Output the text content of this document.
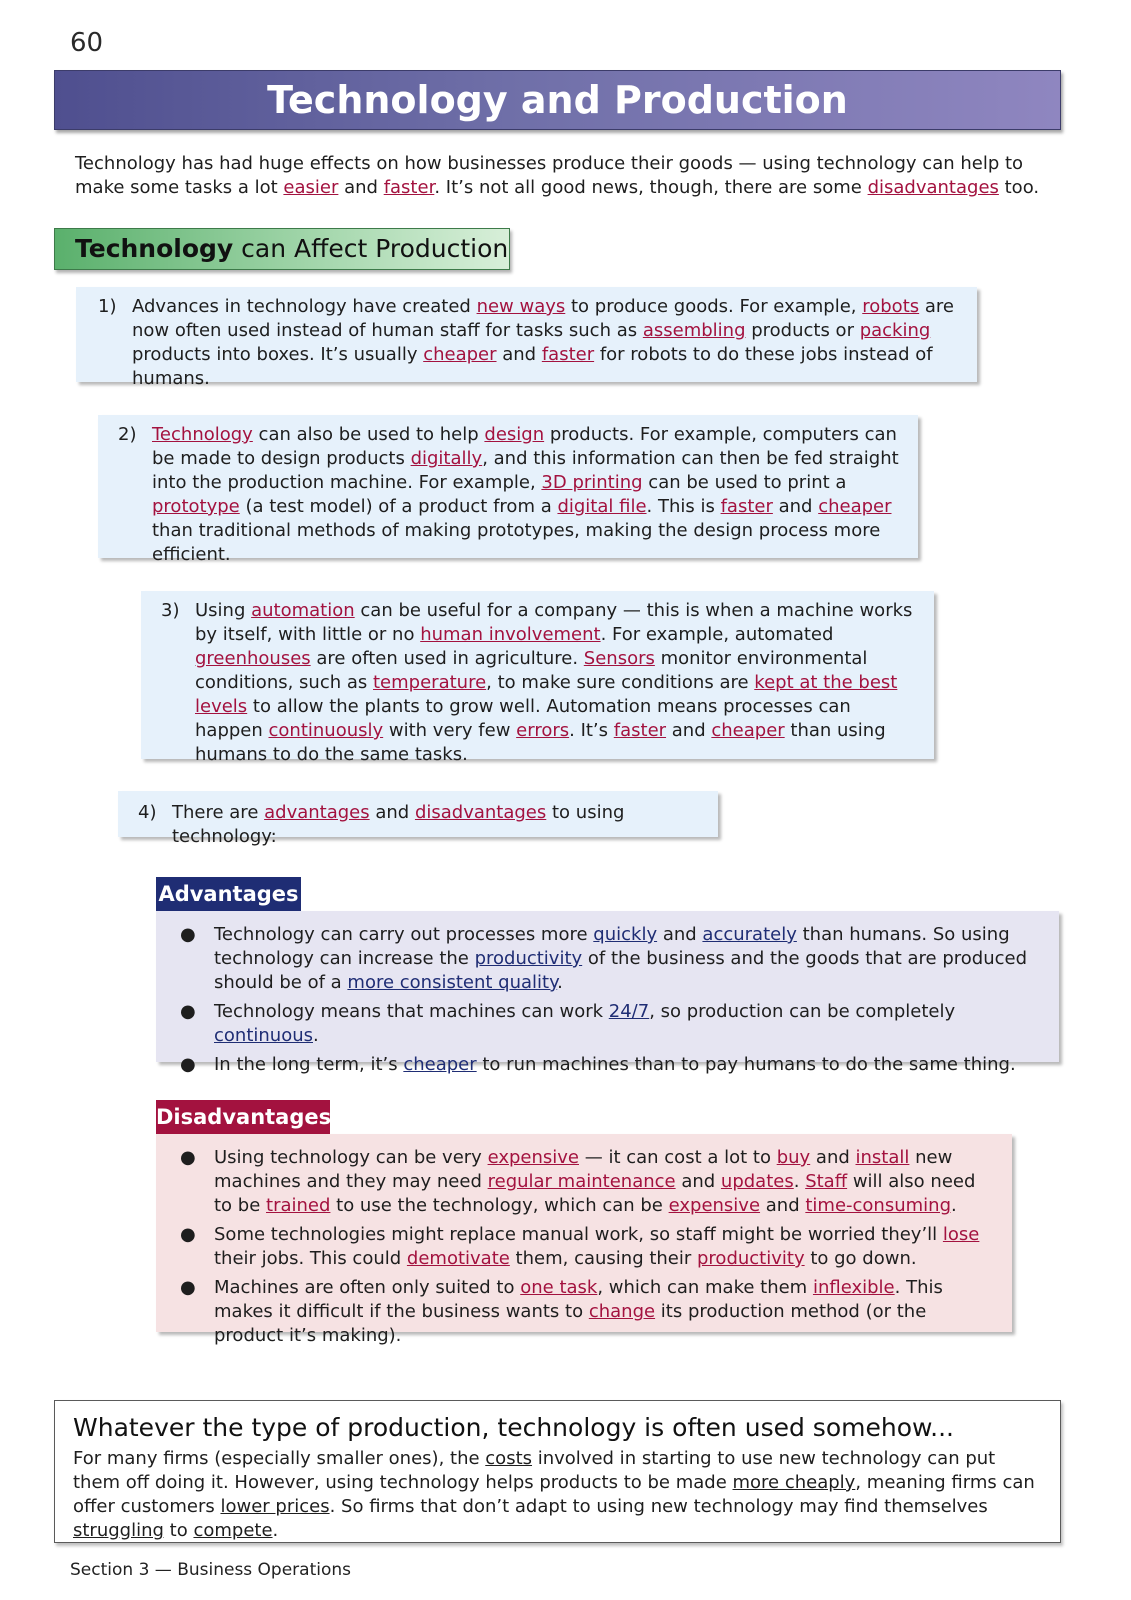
60
Technology and Production
Technology has had huge effects on how businesses produce their goods — using technology can help to make some tasks a lot easier and faster. It’s not all good news, though, there are some disadvantages too.
Technology can Affect Production
1) Advances in technology have created new ways to produce goods. For example, robots are now often used instead of human staff for tasks such as assembling products or packing products into boxes. It’s usually cheaper and faster for robots to do these jobs instead of humans.
2) Technology can also be used to help design products. For example, computers can be made to design products digitally, and this information can then be fed straight into the production machine. For example, 3D printing can be used to print a prototype (a test model) of a product from a digital file. This is faster and cheaper than traditional methods of making prototypes, making the design process more efficient.
3) Using automation can be useful for a company — this is when a machine works by itself, with little or no human involvement. For example, automated greenhouses are often used in agriculture. Sensors monitor environmental conditions, such as temperature, to make sure conditions are kept at the best levels to allow the plants to grow well. Automation means processes can happen continuously with very few errors. It’s faster and cheaper than using humans to do the same tasks.
4) There are advantages and disadvantages to using technology:
Advantages
●	Technology can carry out processes more quickly and accurately than humans. So using technology can increase the productivity of the business and the goods that are produced should be of a more consistent quality.
●	Technology means that machines can work 24/7, so production can be completely continuous.
●	In the long term, it’s cheaper to run machines than to pay humans to do the same thing.
Disadvantages
●	Using technology can be very expensive — it can cost a lot to buy and install new machines and they may need regular maintenance and updates. Staff will also need to be trained to use the technology, which can be expensive and time-consuming.
●	Some technologies might replace manual work, so staff might be worried they’ll lose their jobs. This could demotivate them, causing their productivity to go down.
●	Machines are often only suited to one task, which can make them inflexible. This makes it difficult if the business wants to change its production method (or the product it’s making).
Whatever the type of production, technology is often used somehow...
For many firms (especially smaller ones), the costs involved in starting to use new technology can put them off doing it. However, using technology helps products to be made more cheaply, meaning firms can offer customers lower prices. So firms that don’t adapt to using new technology may find themselves struggling to compete.
Section 3 — Business Operations
